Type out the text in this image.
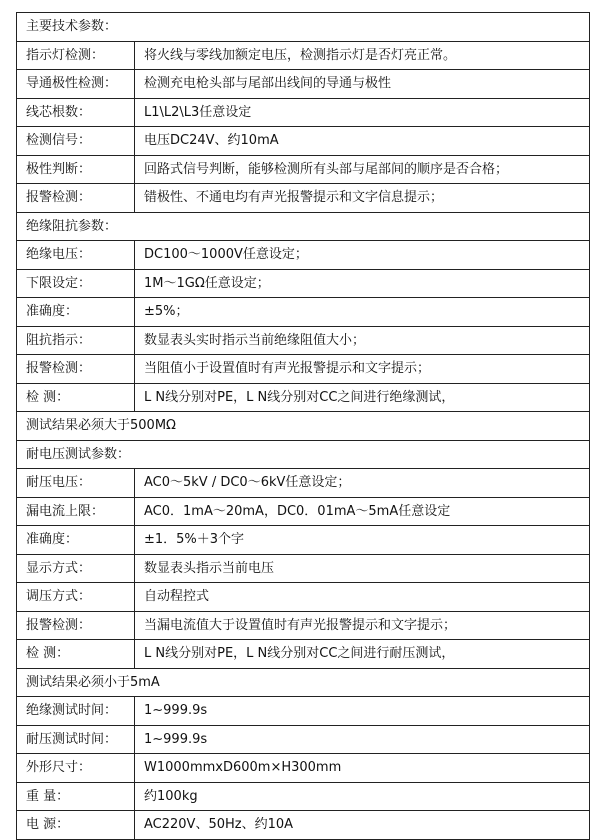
主要技术参数：	
指示灯检测：	将火线与零线加额定电压，检测指示灯是否灯亮正常。
导通极性检测：	检测充电枪头部与尾部出线间的导通与极性
线芯根数：	L1\L2\L3任意设定
检测信号：	电压DC24V、约10mA
极性判断：	回路式信号判断，能够检测所有头部与尾部间的顺序是否合格；
报警检测：	错极性、不通电均有声光报警提示和文字信息提示；
绝缘阻抗参数：	
绝缘电压：	DC100～1000V任意设定；
下限设定：	1M～1GΩ任意设定；
准确度：	±5%；
阻抗指示：	数显表头实时指示当前绝缘阻值大小；
报警检测：	当阻值小于设置值时有声光报警提示和文字提示；
检 测：	L N线分别对PE，L N线分别对CC之间进行绝缘测试，
测试结果必须大于500MΩ	
耐电压测试参数：	
耐压电压：	AC0～5kV / DC0～6kV任意设定；
漏电流上限：	AC0．1mA～20mA，DC0．01mA～5mA任意设定
准确度：	±1．5%＋3个字
显示方式：	数显表头指示当前电压
调压方式：	自动程控式
报警检测：	当漏电流值大于设置值时有声光报警提示和文字提示；
检 测：	L N线分别对PE，L N线分别对CC之间进行耐压测试，
测试结果必须小于5mA	
绝缘测试时间：	1~999.9s
耐压测试时间：	1~999.9s
外形尺寸：	W1000mmxD600m×H300mm
重 量：	约100kg
电 源：	AC220V、50Hz、约10A
